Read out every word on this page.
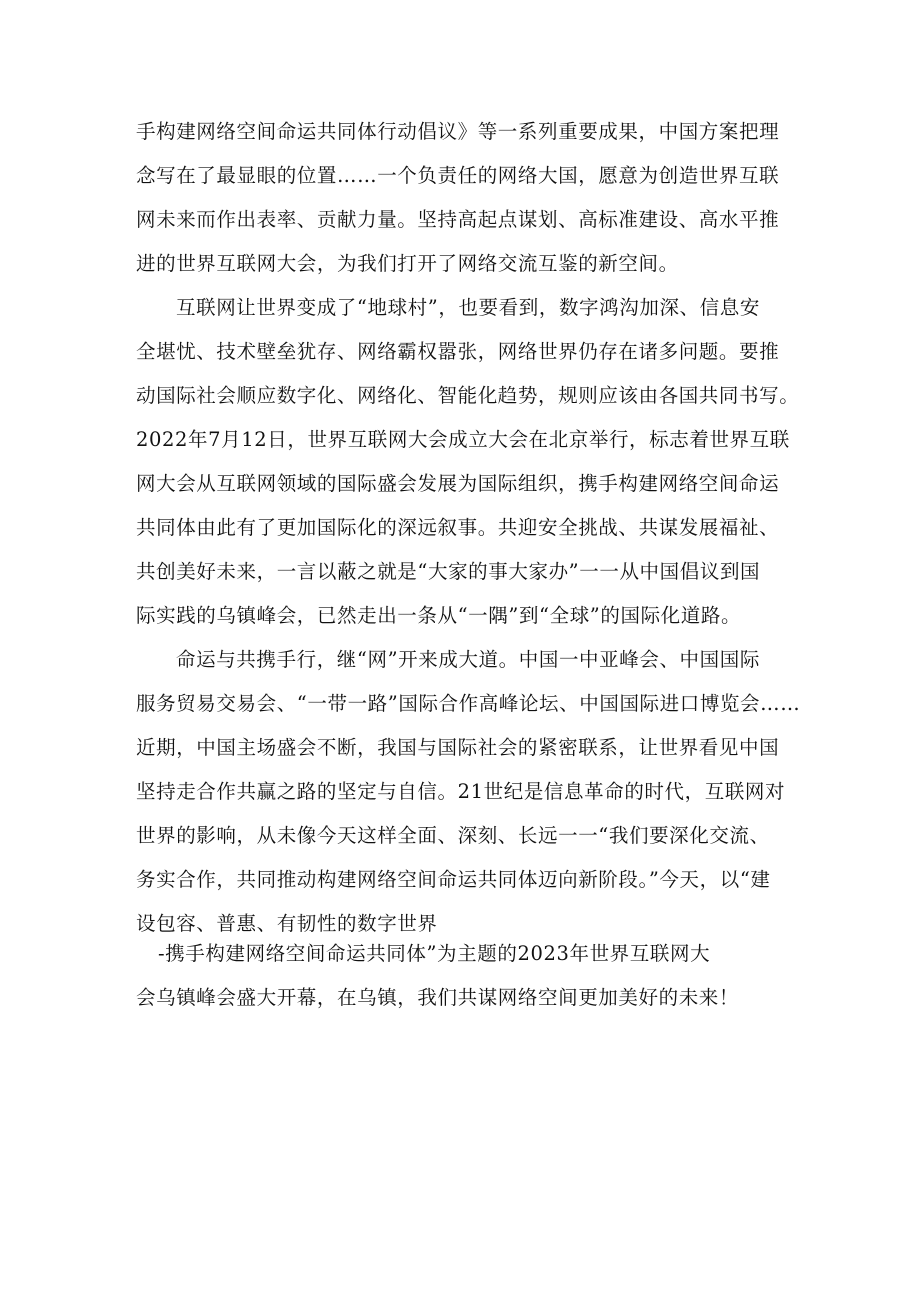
手构建网络空间命运共同体行动倡议》等一系列重要成果，中国方案把理
念写在了最显眼的位置……一个负责任的网络大国，愿意为创造世界互联
网未来而作出表率、贡献力量。坚持高起点谋划、高标准建设、高水平推
进的世界互联网大会，为我们打开了网络交流互鉴的新空间。
互联网让世界变成了“地球村”，也要看到，数字鸿沟加深、信息安
全堪忧、技术壁垒犹存、网络霸权嚣张，网络世界仍存在诸多问题。要推
动国际社会顺应数字化、网络化、智能化趋势，规则应该由各国共同书写。
2022年7月12日，世界互联网大会成立大会在北京举行，标志着世界互联
网大会从互联网领域的国际盛会发展为国际组织，携手构建网络空间命运
共同体由此有了更加国际化的深远叙事。共迎安全挑战、共谋发展福祉、
共创美好未来，一言以蔽之就是“大家的事大家办”一一从中国倡议到国
际实践的乌镇峰会，已然走出一条从“一隅”到“全球”的国际化道路。
命运与共携手行，继“网”开来成大道。中国一中亚峰会、中国国际
服务贸易交易会、“一带一路”国际合作高峰论坛、中国国际进口博览会……
近期，中国主场盛会不断，我国与国际社会的紧密联系，让世界看见中国
坚持走合作共赢之路的坚定与自信。21世纪是信息革命的时代，互联网对
世界的影响，从未像今天这样全面、深刻、长远一一“我们要深化交流、
务实合作，共同推动构建网络空间命运共同体迈向新阶段。”今天，以“建
设包容、普惠、有韧性的数字世界
-携手构建网络空间命运共同体”为主题的2023年世界互联网大
会乌镇峰会盛大开幕，在乌镇，我们共谋网络空间更加美好的未来！
